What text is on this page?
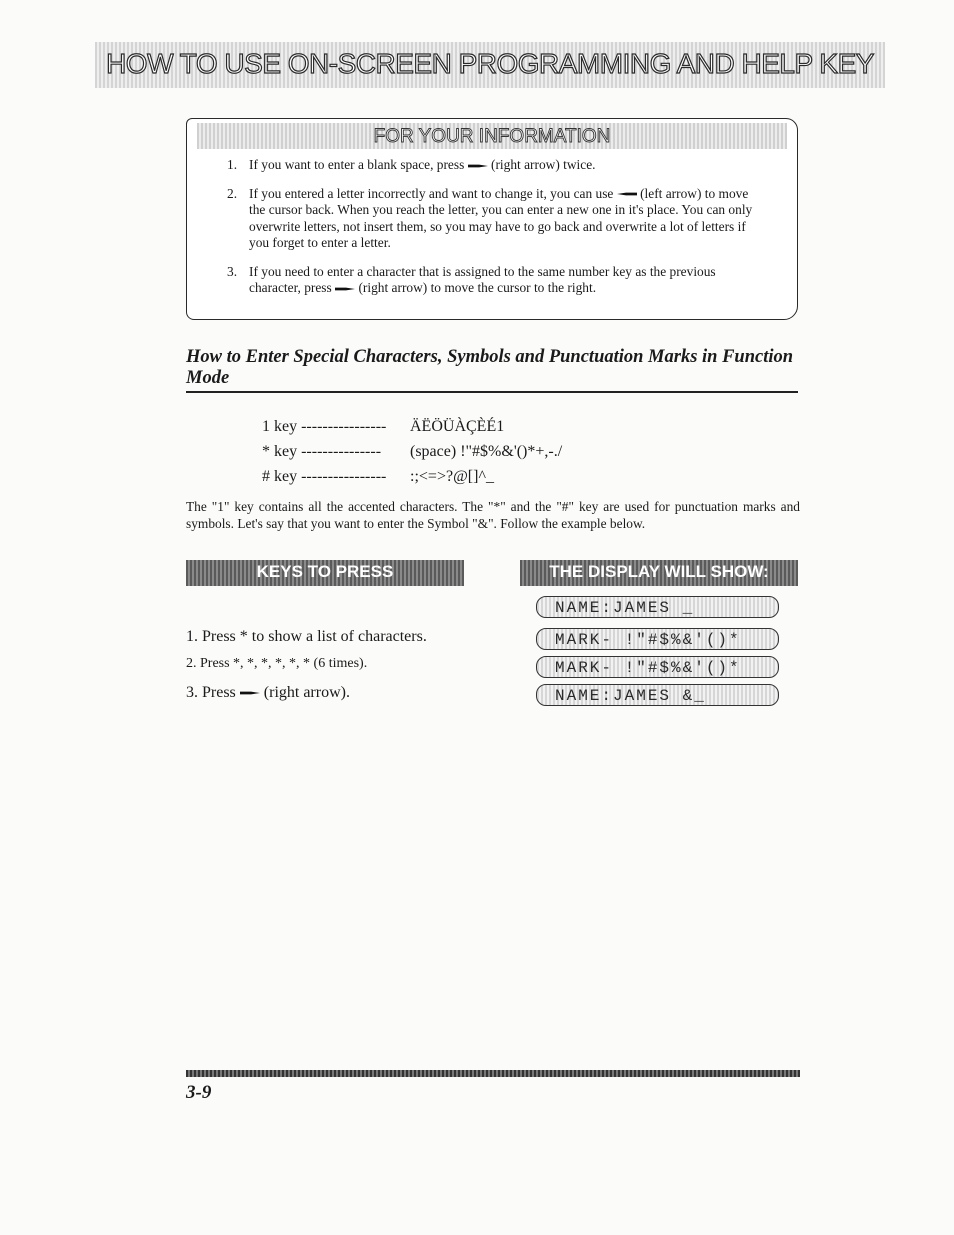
HOW TO USE ON-SCREEN PROGRAMMING AND HELP KEY
FOR YOUR INFORMATION
1. If you want to enter a blank space, press (right arrow) twice.
2. If you entered a letter incorrectly and want to change it, you can use (left arrow) to move the cursor back. When you reach the letter, you can enter a new one in it's place. You can only overwrite letters, not insert them, so you may have to go back and overwrite a lot of letters if you forget to enter a letter.
3. If you need to enter a character that is assigned to the same number key as the previous character, press (right arrow) to move the cursor to the right.
How to Enter Special Characters, Symbols and Punctuation Marks in Function Mode
1 key ---------------- ÄËÖÜÀÇÈÉ1
* key --------------- (space) !"#$%&'()*+,-./
# key ---------------- :;<=>?@[]^_
The "1" key contains all the accented characters. The "*" and the "#" key are used for punctuation marks and symbols. Let's say that you want to enter the Symbol "&". Follow the example below.
KEYS TO PRESS	THE DISPLAY WILL SHOW:
1. Press * to show a list of characters.
2. Press *, *, *, *, *, * (6 times).
3. Press (right arrow).
NAME:JAMES _
MARK- !"#$%&'()*
MARK- !"#$%&'()*
NAME:JAMES &_
3-9
